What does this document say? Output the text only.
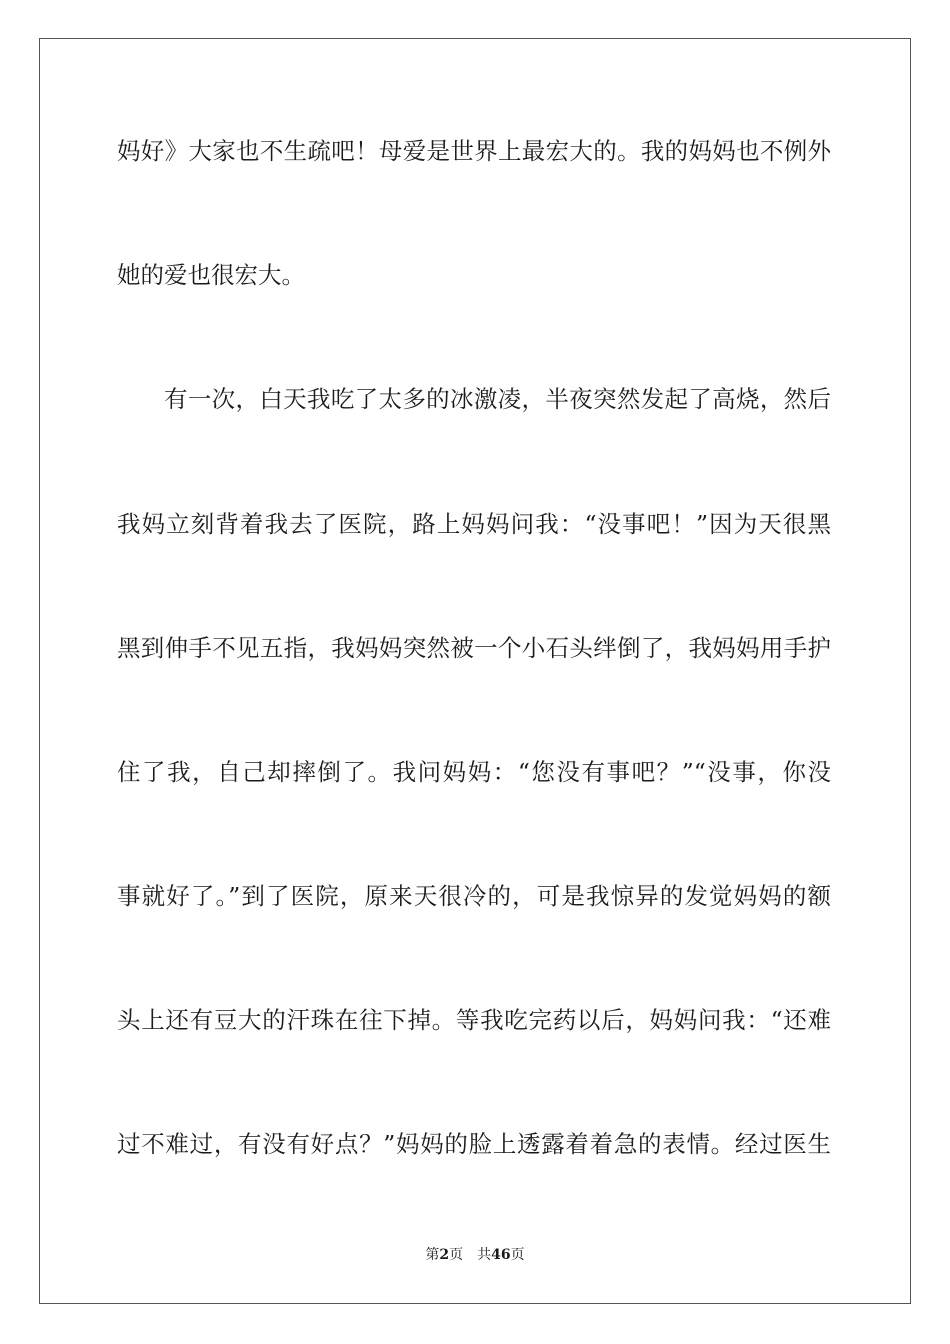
妈好》大家也不生疏吧！母爱是世界上最宏大的。我的妈妈也不例外
她的爱也很宏大。
有一次，白天我吃了太多的冰激凌，半夜突然发起了高烧，然后
我妈立刻背着我去了医院，路上妈妈问我：“没事吧！”因为天很黑
黑到伸手不见五指，我妈妈突然被一个小石头绊倒了，我妈妈用手护
住了我，自己却摔倒了。我问妈妈：“您没有事吧？”“没事，你没
事就好了。”到了医院，原来天很冷的，可是我惊异的发觉妈妈的额
头上还有豆大的汗珠在往下掉。等我吃完药以后，妈妈问我：“还难
过不难过，有没有好点？”妈妈的脸上透露着着急的表情。经过医生
第2页 共46页
